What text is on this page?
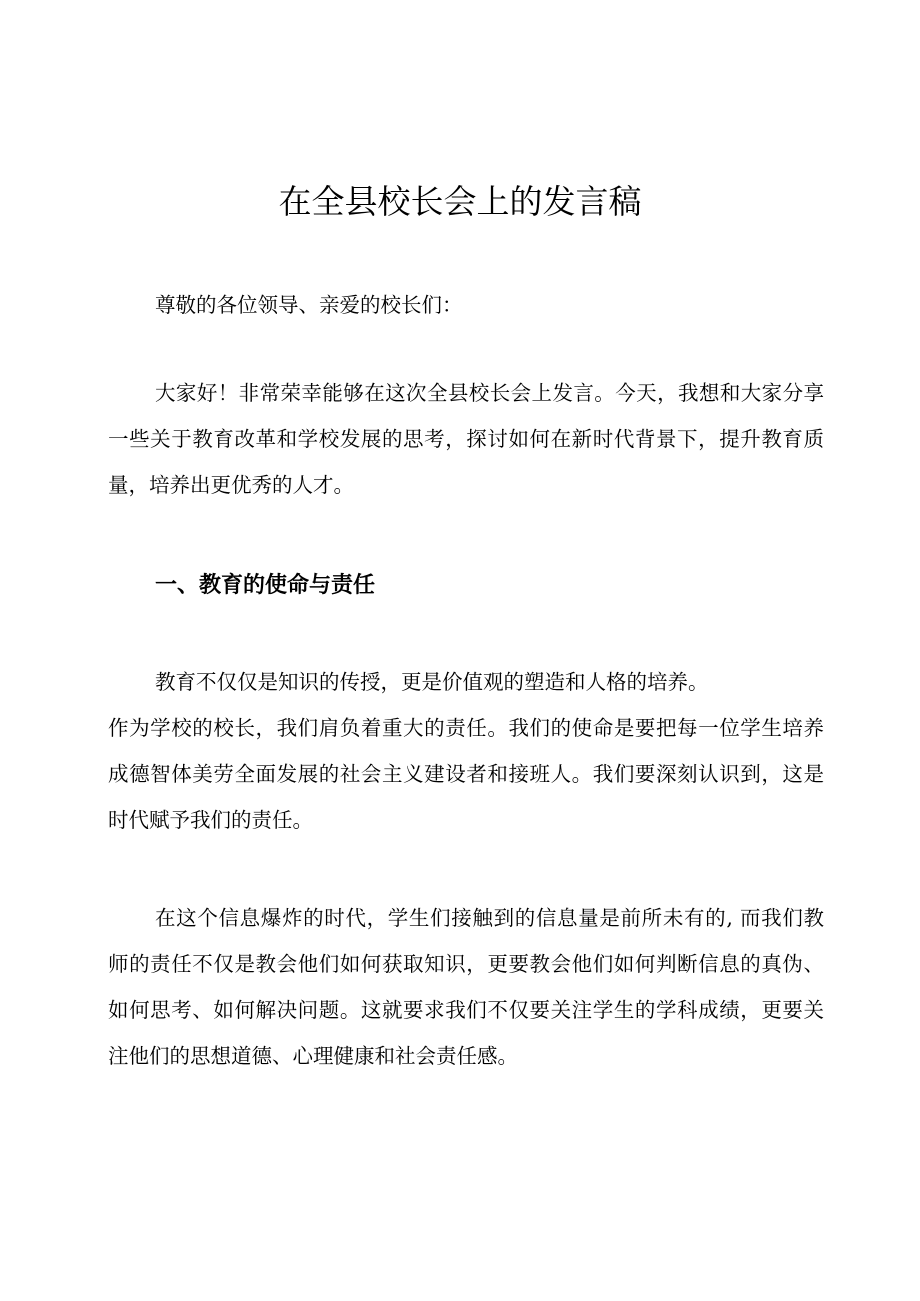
在全县校长会上的发言稿

尊敬的各位领导、亲爱的校长们：

大家好！非常荣幸能够在这次全县校长会上发言。今天，我想和大家分享一些关于教育改革和学校发展的思考，探讨如何在新时代背景下，提升教育质量，培养出更优秀的人才。

一、教育的使命与责任

教育不仅仅是知识的传授，更是价值观的塑造和人格的培养。

作为学校的校长，我们肩负着重大的责任。我们的使命是要把每一位学生培养成德智体美劳全面发展的社会主义建设者和接班人。我们要深刻认识到，这是时代赋予我们的责任。

在这个信息爆炸的时代，学生们接触到的信息量是前所未有的, 而我们教师的责任不仅是教会他们如何获取知识，更要教会他们如何判断信息的真伪、如何思考、如何解决问题。这就要求我们不仅要关注学生的学科成绩，更要关注他们的思想道德、心理健康和社会责任感。
